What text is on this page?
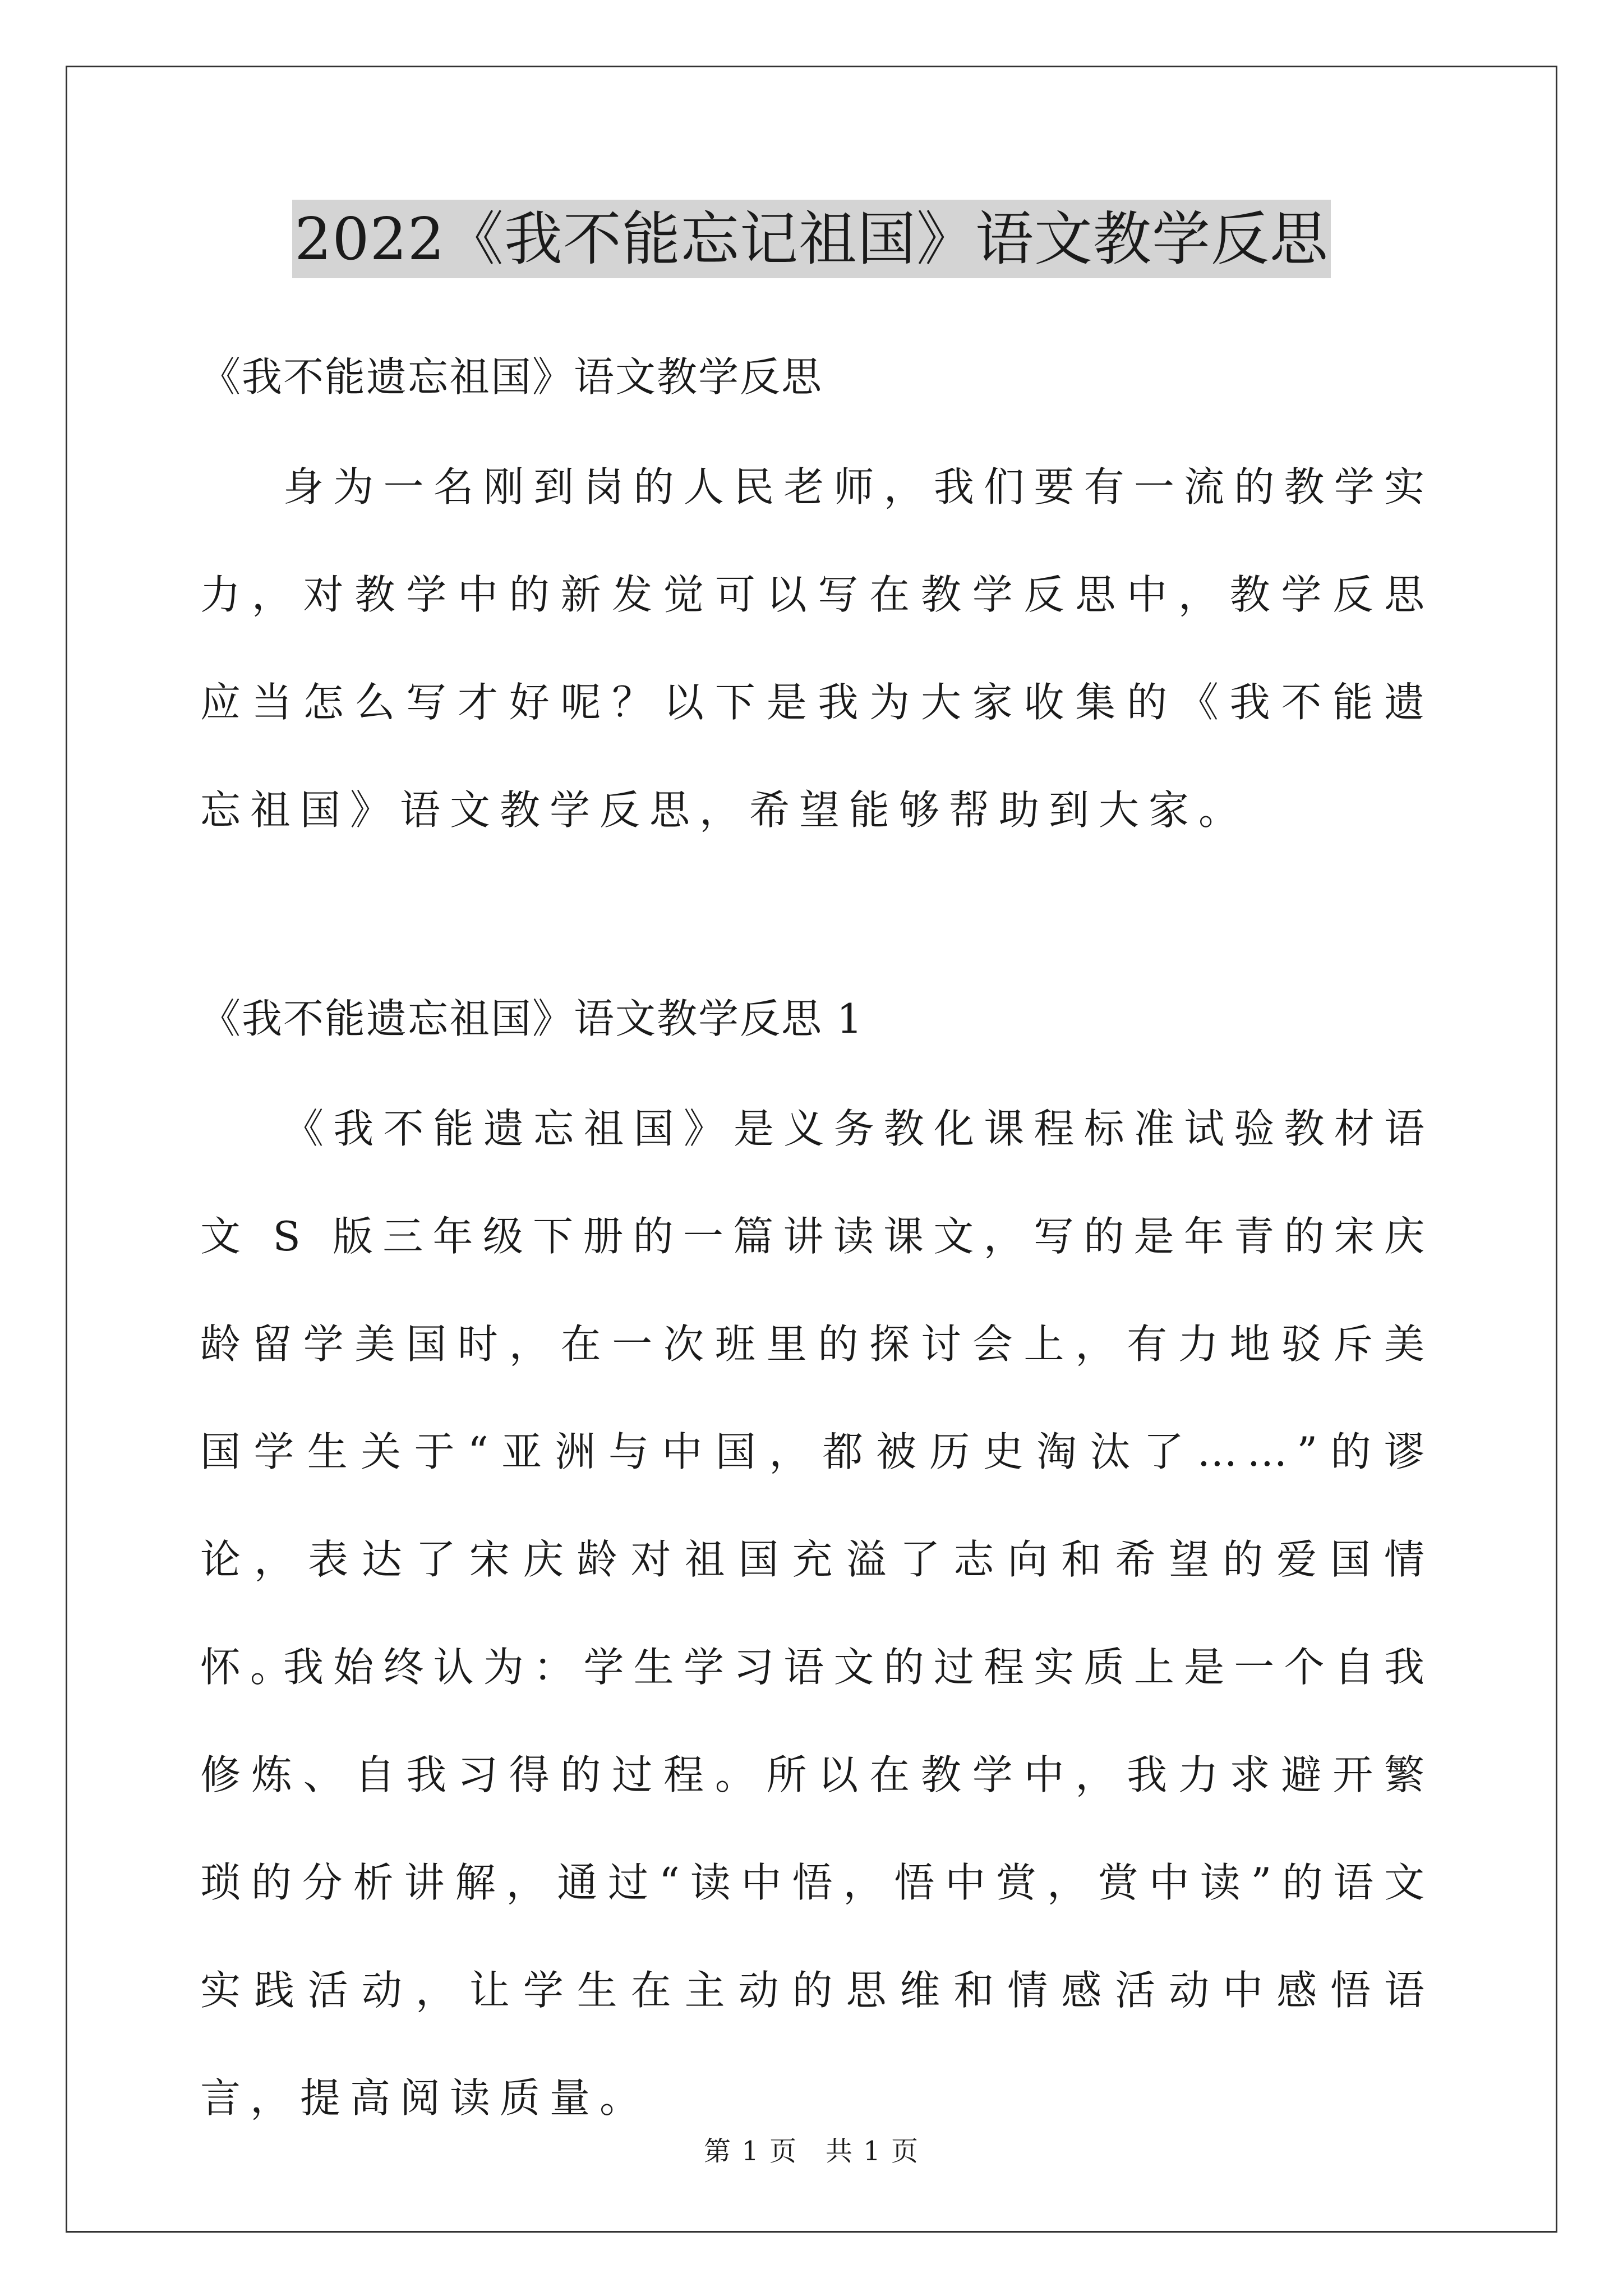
2022《我不能忘记祖国》语文教学反思
《我不能遗忘祖国》语文教学反思

身为一名刚到岗的人民老师，我们要有一流的教学实力，对教学中的新发觉可以写在教学反思中，教学反思应当怎么写才好呢？以下是我为大家收集的《我不能遗忘祖国》语文教学反思，希望能够帮助到大家。

《我不能遗忘祖国》语文教学反思 1

《我不能遗忘祖国》是义务教化课程标准试验教材语文 S 版三年级下册的一篇讲读课文，写的是年青的宋庆龄留学美国时，在一次班里的探讨会上，有力地驳斥美国学生关于“亚洲与中国，都被历史淘汰了……”的谬论，表达了宋庆龄对祖国充溢了志向和希望的爱国情怀。

我始终认为：学生学习语文的过程实质上是一个自我修炼、自我习得的过程。所以在教学中，我力求避开繁琐的分析讲解，通过“读中悟，悟中赏，赏中读”的语文实践活动，让学生在主动的思维和情感活动中感悟语言，提高阅读质量。

第 1 页　共 1 页
